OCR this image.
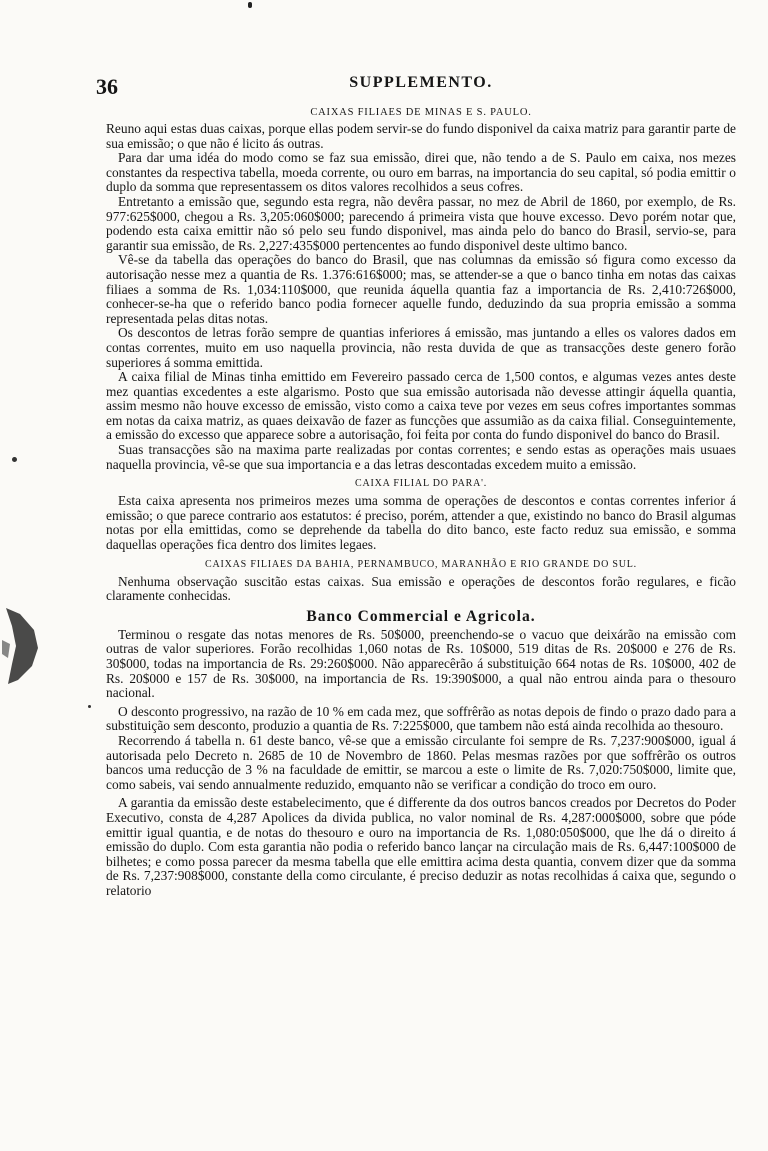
36	SUPPLEMENTO.
CAIXAS FILIAES DE MINAS E S. PAULO.

Reuno aqui estas duas caixas, porque ellas podem servir-se do fundo disponivel da caixa matriz para garantir parte de sua emissão; o que não é licito ás outras.

Para dar uma idéa do modo como se faz sua emissão, direi que, não tendo a de S. Paulo em caixa, nos mezes constantes da respectiva tabella, moeda corrente, ou ouro em barras, na importancia do seu capital, só podia emittir o duplo da somma que representassem os ditos valores recolhidos a seus cofres.

Entretanto a emissão que, segundo esta regra, não devêra passar, no mez de Abril de 1860, por exemplo, de Rs. 977:625$000, chegou a Rs. 3,205:060$000; parecendo á primeira vista que houve excesso. Devo porém notar que, podendo esta caixa emittir não só pelo seu fundo disponivel, mas ainda pelo do banco do Brasil, servio-se, para garantir sua emissão, de Rs. 2,227:435$000 pertencentes ao fundo disponivel deste ultimo banco.

Vê-se da tabella das operações do banco do Brasil, que nas columnas da emissão só figura como excesso da autorisação nesse mez a quantia de Rs. 1.376:616$000; mas, se attender-se a que o banco tinha em notas das caixas filiaes a somma de Rs. 1,034:110$000, que reunida áquella quantia faz a importancia de Rs. 2,410:726$000, conhecer-se-ha que o referido banco podia fornecer aquelle fundo, deduzindo da sua propria emissão a somma representada pelas ditas notas.

Os descontos de letras forão sempre de quantias inferiores á emissão, mas juntando a elles os valores dados em contas correntes, muito em uso naquella provincia, não resta duvida de que as transacções deste genero forão superiores á somma emittida.

A caixa filial de Minas tinha emittido em Fevereiro passado cerca de 1,500 contos, e algumas vezes antes deste mez quantias excedentes a este algarismo. Posto que sua emissão autorisada não devesse attingir áquella quantia, assim mesmo não houve excesso de emissão, visto como a caixa teve por vezes em seus cofres importantes sommas em notas da caixa matriz, as quaes deixavão de fazer as funcções que assumião as da caixa filial. Conseguintemente, a emissão do excesso que apparece sobre a autorisação, foi feita por conta do fundo disponivel do banco do Brasil.

Suas transacções são na maxima parte realizadas por contas correntes; e sendo estas as operações mais usuaes naquella provincia, vê-se que sua importancia e a das letras descontadas excedem muito a emissão.

CAIXA FILIAL DO PARA'.

Esta caixa apresenta nos primeiros mezes uma somma de operações de descontos e contas correntes inferior á emissão; o que parece contrario aos estatutos: é preciso, porém, attender a que, existindo no banco do Brasil algumas notas por ella emittidas, como se deprehende da tabella do dito banco, este facto reduz sua emissão, e somma daquellas operações fica dentro dos limites legaes.

CAIXAS FILIAES DA BAHIA, PERNAMBUCO, MARANHÃO E RIO GRANDE DO SUL.

Nenhuma observação suscitão estas caixas. Sua emissão e operações de descontos forão regulares, e ficão claramente conhecidas.

Banco Commercial e Agricola.

Terminou o resgate das notas menores de Rs. 50$000, preenchendo-se o vacuo que deixárão na emissão com outras de valor superiores. Forão recolhidas 1,060 notas de Rs. 10$000, 519 ditas de Rs. 20$000 e 276 de Rs. 30$000, todas na importancia de Rs. 29:260$000. Não apparecêrão á substituição 664 notas de Rs. 10$000, 402 de Rs. 20$000 e 157 de Rs. 30$000, na importancia de Rs. 19:390$000, a qual não entrou ainda para o thesouro nacional.

O desconto progressivo, na razão de 10 % em cada mez, que soffrêrão as notas depois de findo o prazo dado para a substituição sem desconto, produzio a quantia de Rs. 7:225$000, que tambem não está ainda recolhida ao thesouro.

Recorrendo á tabella n. 61 deste banco, vê-se que a emissão circulante foi sempre de Rs. 7,237:900$000, igual á autorisada pelo Decreto n. 2685 de 10 de Novembro de 1860. Pelas mesmas razões por que soffrêrão os outros bancos uma reducção de 3 % na faculdade de emittir, se marcou a este o limite de Rs. 7,020:750$000, limite que, como sabeis, vai sendo annualmente reduzido, emquanto não se verificar a condição do troco em ouro.

A garantia da emissão deste estabelecimento, que é differente da dos outros bancos creados por Decretos do Poder Executivo, consta de 4,287 Apolices da divida publica, no valor nominal de Rs. 4,287:000$000, sobre que póde emittir igual quantia, e de notas do thesouro e ouro na importancia de Rs. 1,080:050$000, que lhe dá o direito á emissão do duplo. Com esta garantia não podia o referido banco lançar na circulação mais de Rs. 6,447:100$000 de bilhetes; e como possa parecer da mesma tabella que elle emittira acima desta quantia, convem dizer que da somma de Rs. 7,237:908$000, constante della como circulante, é preciso deduzir as notas recolhidas á caixa que, segundo o relatorio
